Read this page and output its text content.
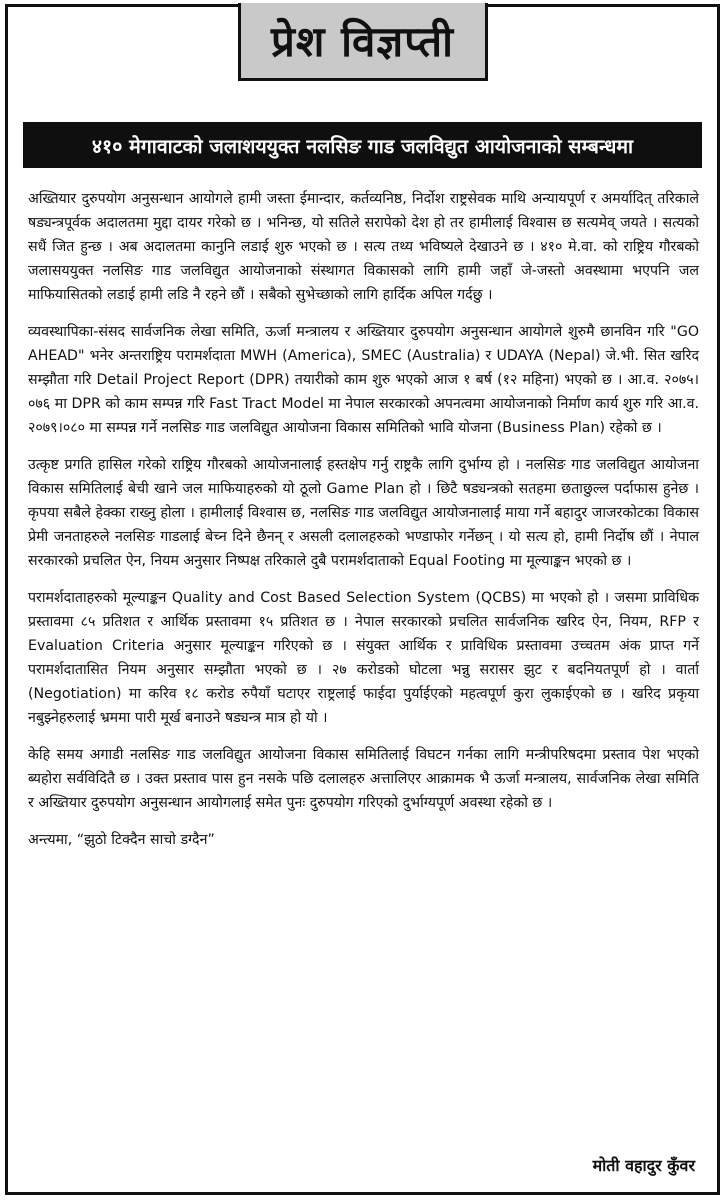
प्रेश विज्ञप्ती
४१० मेगावाटको जलाशययुक्त नलसिङ गाड जलविद्युत आयोजनाको सम्बन्धमा

अख्तियार दुरुपयोग अनुसन्धान आयोगले हामी जस्ता ईमान्दार, कर्तव्यनिष्ठ, निर्दोश राष्ट्रसेवक माथि अन्यायपूर्ण र अमर्यादित् तरिकाले षड्यन्त्रपूर्वक अदालतमा मुद्दा दायर गरेको छ । भनिन्छ, यो सतिले सरापेको देश हो तर हामीलाई विश्वास छ सत्यमेव् जयते । सत्यको सधैं जित हुन्छ । अब अदालतमा कानुनि लडाई शुरु भएको छ । सत्य तथ्य भविष्यले देखाउने छ । ४१० मे.वा. को राष्ट्रिय गौरबको जलासययुक्त नलसिङ गाड जलविद्युत आयोजनाको संस्थागत विकासको लागि हामी जहाँ जे-जस्तो अवस्थामा भएपनि जल माफियासितको लडाई हामी लडि नै रहने छौं । सबैको सुभेच्छाको लागि हार्दिक अपिल गर्दछु ।

व्यवस्थापिका-संसद सार्वजनिक लेखा समिति, ऊर्जा मन्त्रालय र अख्तियार दुरुपयोग अनुसन्धान आयोगले शुरुमै छानविन गरि "GO AHEAD" भनेर अन्तराष्ट्रिय परामर्शदाता MWH (America), SMEC (Australia) र UDAYA (Nepal) जे.भी. सित खरिद सम्झौता गरि Detail Project Report (DPR) तयारीको काम शुरु भएको आज १ बर्ष (१२ महिना) भएको छ । आ.व. २०७५।०७६ मा DPR को काम सम्पन्न गरि Fast Tract Model मा नेपाल सरकारको अपनत्वमा आयोजनाको निर्माण कार्य शुरु गरि आ.व. २०७९।०८० मा सम्पन्न गर्ने नलसिङ गाड जलविद्युत आयोजना विकास समितिको भावि योजना (Business Plan) रहेको छ ।

उत्कृष्ट प्रगति हासिल गरेको राष्ट्रिय गौरबको आयोजनालाई हस्तक्षेप गर्नु राष्ट्रकै लागि दुर्भाग्य हो । नलसिङ गाड जलविद्युत आयोजना विकास समितिलाई बेची खाने जल माफियाहरुको यो ठूलो Game Plan हो । छिटै षड्यन्त्रको सतहमा छताछुल्ल पर्दाफास हुनेछ । कृपया सबैले हेक्का राख्नु होला । हामीलाई विश्वास छ, नलसिङ गाड जलविद्युत आयोजनालाई माया गर्ने बहादुर जाजरकोटका विकास प्रेमी जनताहरुले नलसिङ गाडलाई बेच्न दिने छैनन् र असली दलालहरुको भण्डाफोर गर्नेछन् । यो सत्य हो, हामी निर्दोष छौं । नेपाल सरकारको प्रचलित ऐन, नियम अनुसार निष्पक्ष तरिकाले दुबै परामर्शदाताको Equal Footing मा मूल्याङ्कन भएको छ ।

परामर्शदाताहरुको मूल्याङ्कन Quality and Cost Based Selection System (QCBS) मा भएको हो । जसमा प्राविधिक प्रस्तावमा ८५ प्रतिशत र आर्थिक प्रस्तावमा १५ प्रतिशत छ । नेपाल सरकारको प्रचलित सार्वजनिक खरिद ऐन, नियम, RFP र Evaluation Criteria अनुसार मूल्याङ्कन गरिएको छ । संयुक्त आर्थिक र प्राविधिक प्रस्तावमा उच्चतम अंक प्राप्त गर्ने परामर्शदातासित नियम अनुसार सम्झौता भएको छ । २७ करोडको घोटला भन्नु सरासर झुट र बदनियतपूर्ण हो । वार्ता (Negotiation) मा करिव १८ करोड रुपैयाँ घटाएर राष्ट्रलाई फाईदा पुर्याईएको महत्वपूर्ण कुरा लुकाईएको छ । खरिद प्रकृया नबुझ्नेहरुलाई भ्रममा पारी मूर्ख बनाउने षड्यन्त्र मात्र हो यो ।

केहि समय अगाडी नलसिङ गाड जलविद्युत आयोजना विकास समितिलाई विघटन गर्नका लागि मन्त्रीपरिषदमा प्रस्ताव पेश भएको ब्यहोरा सर्वविदितै छ । उक्त प्रस्ताव पास हुन नसके पछि दलालहरु अत्तालिएर आक्रामक भै ऊर्जा मन्त्रालय, सार्वजनिक लेखा समिति र अख्तियार दुरुपयोग अनुसन्धान आयोगलाई समेत पुनः दुरुपयोग गरिएको दुर्भाग्यपूर्ण अवस्था रहेको छ ।

अन्त्यमा, “झुठो टिक्दैन साचो डग्दैन”

मोती वहादुर कुँवर
